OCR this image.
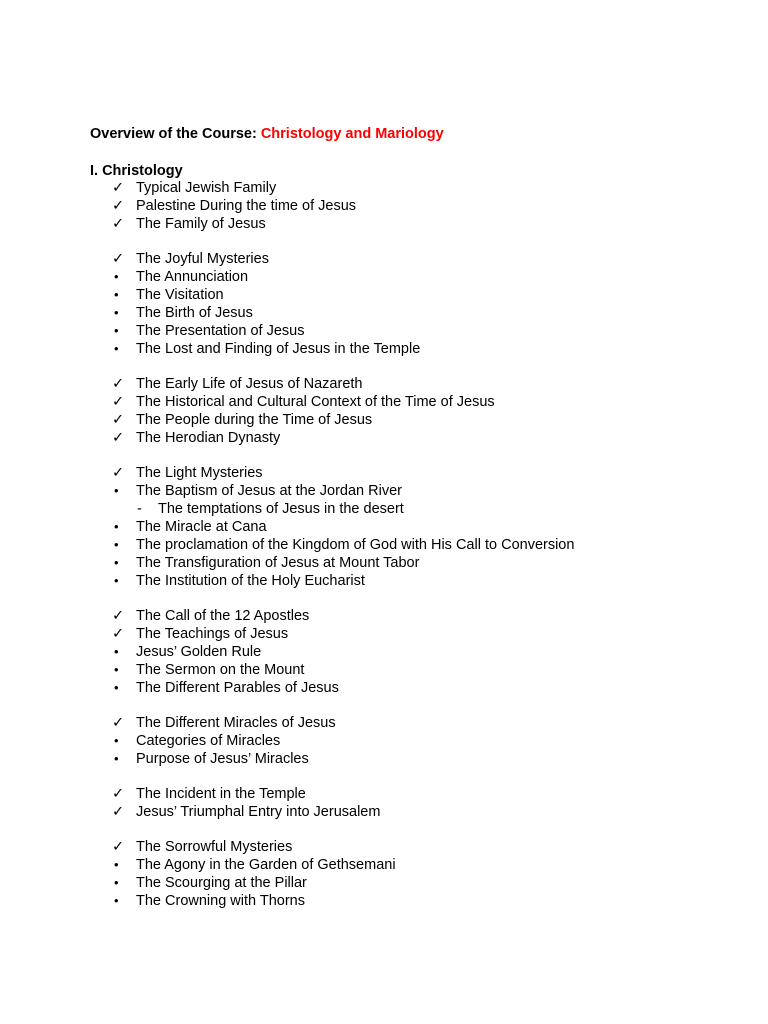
Overview of the Course: Christology and Mariology
I. Christology
✓ Typical Jewish Family
✓ Palestine During the time of Jesus
✓ The Family of Jesus
✓ The Joyful Mysteries
•	The Annunciation
•	The Visitation
•	The Birth of Jesus
•	The Presentation of Jesus
•	The Lost and Finding of Jesus in the Temple
✓ The Early Life of Jesus of Nazareth
✓ The Historical and Cultural Context of the Time of Jesus
✓ The People during the Time of Jesus
✓ The Herodian Dynasty
✓ The Light Mysteries
•	The Baptism of Jesus at the Jordan River
-	The temptations of Jesus in the desert
•	The Miracle at Cana
•	The proclamation of the Kingdom of God with His Call to Conversion
•	The Transfiguration of Jesus at Mount Tabor
•	The Institution of the Holy Eucharist
✓ The Call of the 12 Apostles
✓ The Teachings of Jesus
•	Jesus’ Golden Rule
•	The Sermon on the Mount
•	The Different Parables of Jesus
✓ The Different Miracles of Jesus
•	Categories of Miracles
•	Purpose of Jesus’ Miracles
✓ The Incident in the Temple
✓ Jesus’ Triumphal Entry into Jerusalem
✓ The Sorrowful Mysteries
•	The Agony in the Garden of Gethsemani
•	The Scourging at the Pillar
•	The Crowning with Thorns
